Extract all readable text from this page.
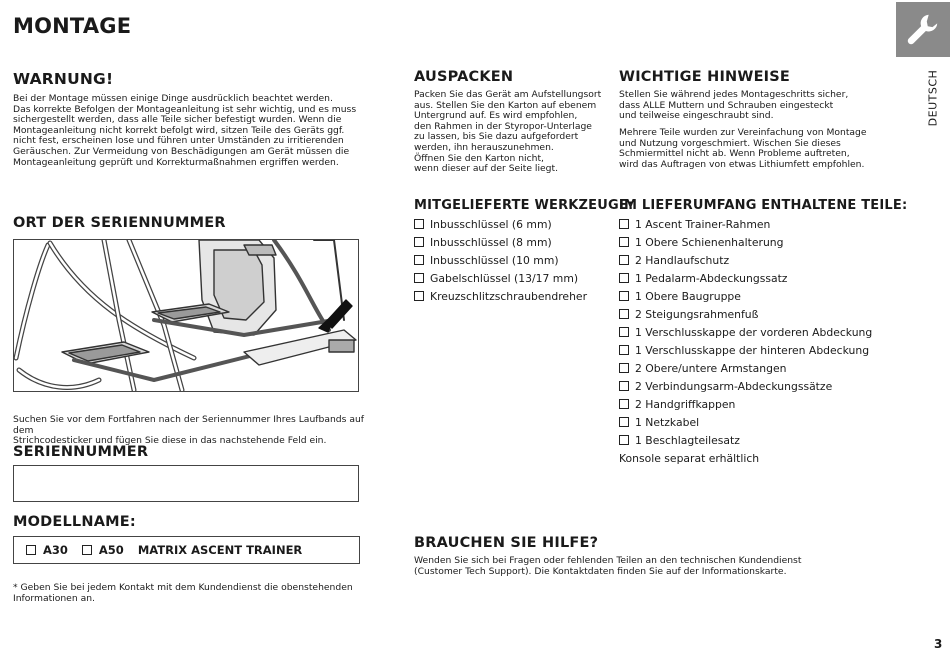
MONTAGE
DEUTSCH
WARNUNG!

Bei der Montage müssen einige Dinge ausdrücklich beachtet werden.

Das korrekte Befolgen der Montageanleitung ist sehr wichtig, und es muss

sichergestellt werden, dass alle Teile sicher befestigt wurden. Wenn die

Montageanleitung nicht korrekt befolgt wird, sitzen Teile des Geräts ggf.

nicht fest, erscheinen lose und führen unter Umständen zu irritierenden

Geräuschen. Zur Vermeidung von Beschädigungen am Gerät müssen die

Montageanleitung geprüft und Korrekturmaßnahmen ergriffen werden.

AUSPACKEN

Packen Sie das Gerät am Aufstellungsort

aus. Stellen Sie den Karton auf ebenem

Untergrund auf. Es wird empfohlen,

den Rahmen in der Styropor-Unterlage

zu lassen, bis Sie dazu aufgefordert

werden, ihn herauszunehmen.

Öffnen Sie den Karton nicht,

wenn dieser auf der Seite liegt.

WICHTIGE HINWEISE

Stellen Sie während jedes Montageschritts sicher,

dass ALLE Muttern und Schrauben eingesteckt

und teilweise eingeschraubt sind.

Mehrere Teile wurden zur Vereinfachung von Montage

und Nutzung vorgeschmiert. Wischen Sie dieses

Schmiermittel nicht ab. Wenn Probleme auftreten,

wird das Auftragen von etwas Lithiumfett empfohlen.

ORT DER SERIENNUMMER

Suchen Sie vor dem Fortfahren nach der Seriennummer Ihres Laufbands auf dem

Strichcodesticker und fügen Sie diese in das nachstehende Feld ein.

SERIENNUMMER
MODELLNAME:
A30	A50 MATRIX ASCENT TRAINER

* Geben Sie bei jedem Kontakt mit dem Kundendienst die obenstehenden

Informationen an.

MITGELIEFERTE WERKZEUGE:
Inbusschlüssel (6 mm)
Inbusschlüssel (8 mm)
Inbusschlüssel (10 mm)
Gabelschlüssel (13/17 mm)
Kreuzschlitzschraubendreher
IM LIEFERUMFANG ENTHALTENE TEILE:
1 Ascent Trainer-Rahmen
1 Obere Schienenhalterung
2 Handlaufschutz
1 Pedalarm-Abdeckungssatz
1 Obere Baugruppe
2 Steigungsrahmenfuß
1 Verschlusskappe der vorderen Abdeckung
1 Verschlusskappe der hinteren Abdeckung
2 Obere/untere Armstangen
2 Verbindungsarm-Abdeckungssätze
2 Handgriffkappen
1 Netzkabel
1 Beschlagteilesatz
Konsole separat erhältlich
BRAUCHEN SIE HILFE?

Wenden Sie sich bei Fragen oder fehlenden Teilen an den technischen Kundendienst

(Customer Tech Support). Die Kontaktdaten finden Sie auf der Informationskarte.

3
